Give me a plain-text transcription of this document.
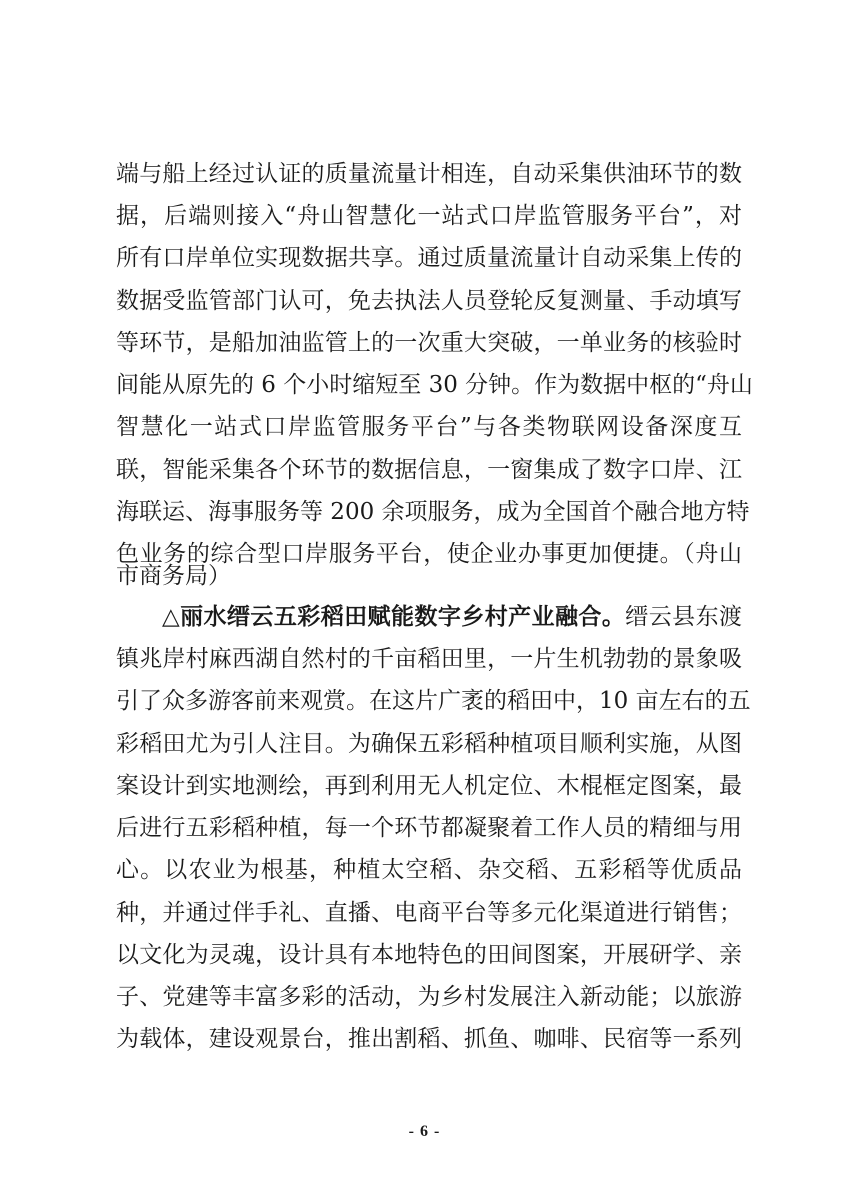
端与船上经过认证的质量流量计相连，自动采集供油环节的数
据，后端则接入“舟山智慧化一站式口岸监管服务平台”，对
所有口岸单位实现数据共享。通过质量流量计自动采集上传的
数据受监管部门认可，免去执法人员登轮反复测量、手动填写
等环节，是船加油监管上的一次重大突破，一单业务的核验时
间能从原先的 6 个小时缩短至 30 分钟。作为数据中枢的“舟山
智慧化一站式口岸监管服务平台”与各类物联网设备深度互
联，智能采集各个环节的数据信息，一窗集成了数字口岸、江
海联运、海事服务等 200 余项服务，成为全国首个融合地方特
色业务的综合型口岸服务平台，使企业办事更加便捷。（舟山
市商务局）
△丽水缙云五彩稻田赋能数字乡村产业融合。缙云县东渡
镇兆岸村麻西湖自然村的千亩稻田里，一片生机勃勃的景象吸
引了众多游客前来观赏。在这片广袤的稻田中，10 亩左右的五
彩稻田尤为引人注目。为确保五彩稻种植项目顺利实施，从图
案设计到实地测绘，再到利用无人机定位、木棍框定图案，最
后进行五彩稻种植，每一个环节都凝聚着工作人员的精细与用
心。以农业为根基，种植太空稻、杂交稻、五彩稻等优质品
种，并通过伴手礼、直播、电商平台等多元化渠道进行销售；
以文化为灵魂，设计具有本地特色的田间图案，开展研学、亲
子、党建等丰富多彩的活动，为乡村发展注入新动能；以旅游
为载体，建设观景台，推出割稻、抓鱼、咖啡、民宿等一系列
- 6 -
